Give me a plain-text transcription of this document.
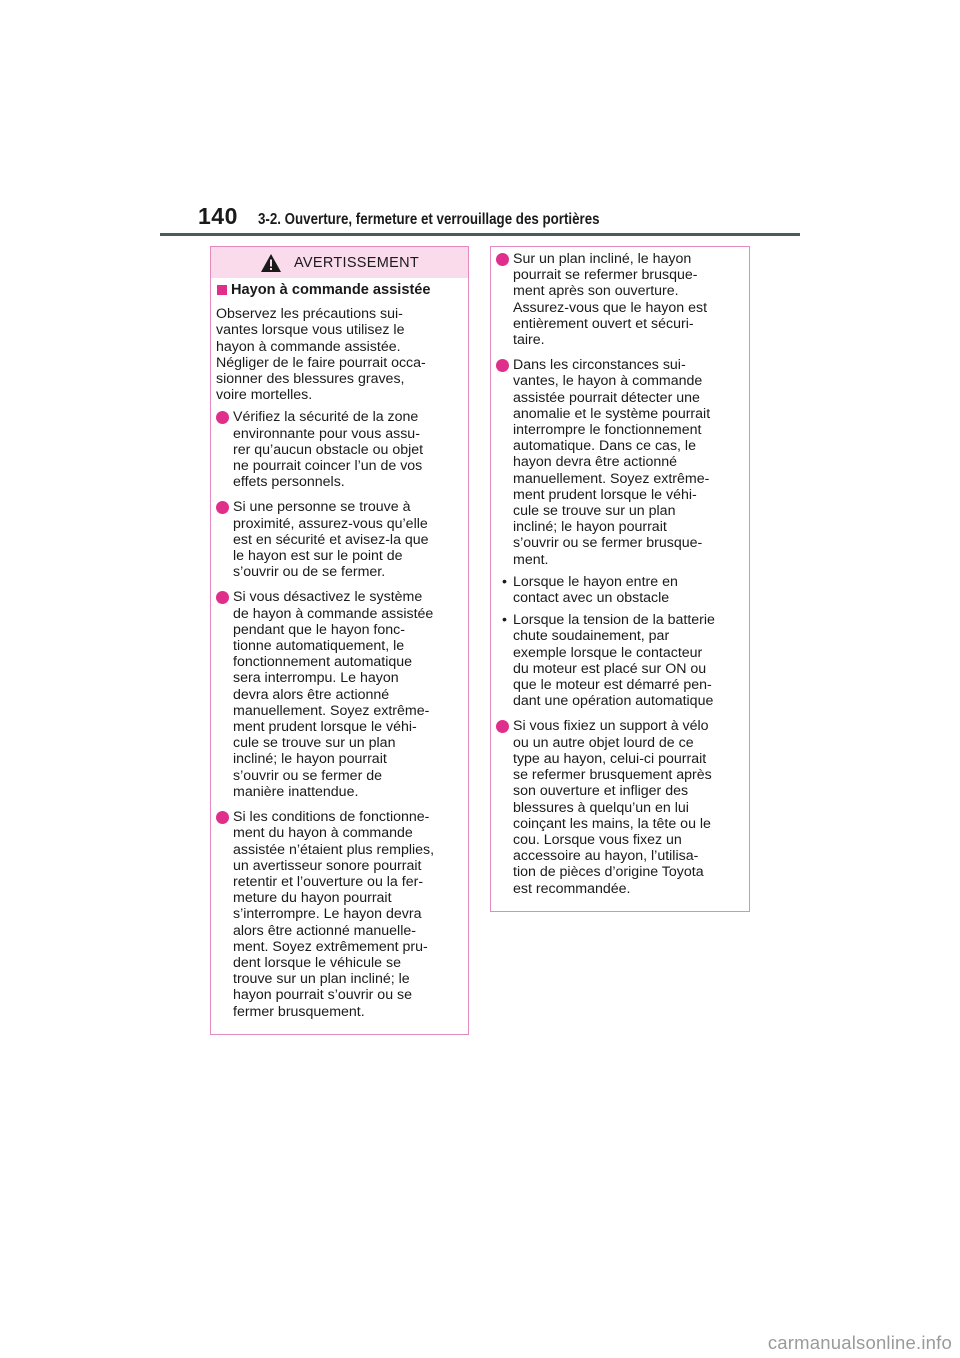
140	3-2. Ouverture, fermeture et verrouillage des portières
AVERTISSEMENT
Hayon à commande assistée
Observez les précautions sui-
vantes lorsque vous utilisez le
hayon à commande assistée.
Négliger de le faire pourrait occa-
sionner des blessures graves,
voire mortelles.
Vérifiez la sécurité de la zone
environnante pour vous assu-
rer qu’aucun obstacle ou objet
ne pourrait coincer l’un de vos
effets personnels.
Si une personne se trouve à
proximité, assurez-vous qu’elle
est en sécurité et avisez-la que
le hayon est sur le point de
s’ouvrir ou de se fermer.
Si vous désactivez le système
de hayon à commande assistée
pendant que le hayon fonc-
tionne automatiquement, le
fonctionnement automatique
sera interrompu. Le hayon
devra alors être actionné
manuellement. Soyez extrême-
ment prudent lorsque le véhi-
cule se trouve sur un plan
incliné; le hayon pourrait
s’ouvrir ou se fermer de
manière inattendue.
Si les conditions de fonctionne-
ment du hayon à commande
assistée n’étaient plus remplies,
un avertisseur sonore pourrait
retentir et l’ouverture ou la fer-
meture du hayon pourrait
s’interrompre. Le hayon devra
alors être actionné manuelle-
ment. Soyez extrêmement pru-
dent lorsque le véhicule se
trouve sur un plan incliné; le
hayon pourrait s’ouvrir ou se
fermer brusquement.
Sur un plan incliné, le hayon
pourrait se refermer brusque-
ment après son ouverture.
Assurez-vous que le hayon est
entièrement ouvert et sécuri-
taire.
Dans les circonstances sui-
vantes, le hayon à commande
assistée pourrait détecter une
anomalie et le système pourrait
interrompre le fonctionnement
automatique. Dans ce cas, le
hayon devra être actionné
manuellement. Soyez extrême-
ment prudent lorsque le véhi-
cule se trouve sur un plan
incliné; le hayon pourrait
s’ouvrir ou se fermer brusque-
ment.
• Lorsque le hayon entre en
contact avec un obstacle
• Lorsque la tension de la batterie
chute soudainement, par
exemple lorsque le contacteur
du moteur est placé sur ON ou
que le moteur est démarré pen-
dant une opération automatique
Si vous fixiez un support à vélo
ou un autre objet lourd de ce
type au hayon, celui-ci pourrait
se refermer brusquement après
son ouverture et infliger des
blessures à quelqu’un en lui
coinçant les mains, la tête ou le
cou. Lorsque vous fixez un
accessoire au hayon, l’utilisa-
tion de pièces d’origine Toyota
est recommandée.
carmanualsonline.info
